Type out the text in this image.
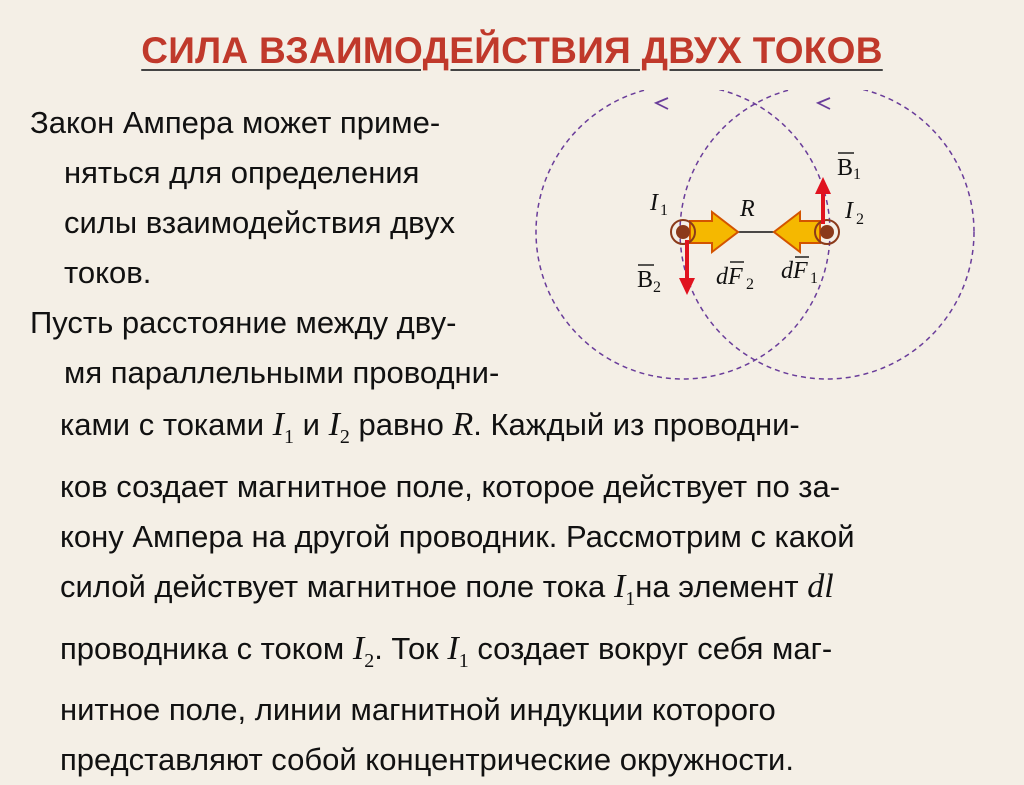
СИЛА ВЗАИМОДЕЙСТВИЯ ДВУХ ТОКОВ
Закон Ампера может приме-
няться для определения
силы взаимодействия двух
токов.
Пусть расстояние между дву-
мя параллельными проводни-
ками с токами $I_1$ и $I_2$ равно R. Каждый из проводни-
ков создает магнитное поле, которое действует по за-
кону Ампера на другой проводник. Рассмотрим с какой
силой действует магнитное поле тока $I_1на$ элемент dl
проводника с током $I_2$. Ток $I_1$ создает вокруг себя маг-
нитное поле, линии магнитной индукции которого
представляют собой концентрические окружности.
I 1	I 2
R
B 1
B 2 dF 2
dF 1
